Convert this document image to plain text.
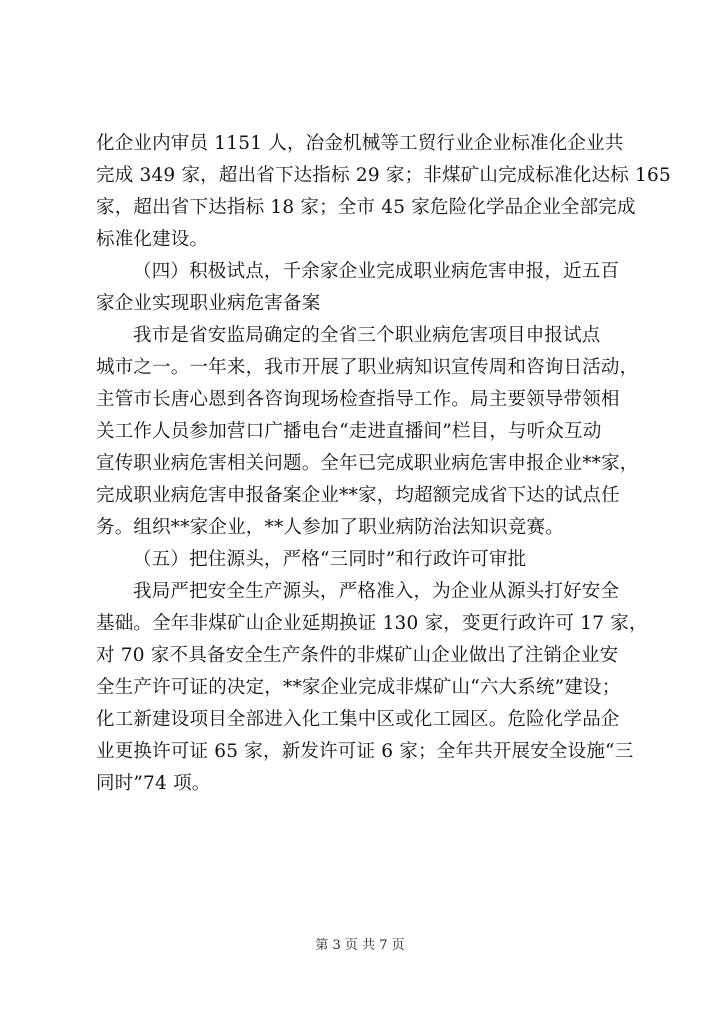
化企业内审员 1151 人，冶金机械等工贸行业企业标准化企业共
完成 349 家，超出省下达指标 29 家；非煤矿山完成标准化达标 165
家，超出省下达指标 18 家；全市 45 家危险化学品企业全部完成
标准化建设。
（四）积极试点，千余家企业完成职业病危害申报，近五百
家企业实现职业病危害备案
我市是省安监局确定的全省三个职业病危害项目申报试点
城市之一。一年来，我市开展了职业病知识宣传周和咨询日活动，
主管市长唐心恩到各咨询现场检查指导工作。局主要领导带领相
关工作人员参加营口广播电台“走进直播间”栏目，与听众互动
宣传职业病危害相关问题。全年已完成职业病危害申报企业**家，
完成职业病危害申报备案企业**家，均超额完成省下达的试点任
务。组织**家企业，**人参加了职业病防治法知识竞赛。
（五）把住源头，严格“三同时”和行政许可审批
我局严把安全生产源头，严格准入，为企业从源头打好安全
基础。全年非煤矿山企业延期换证 130 家，变更行政许可 17 家，
对 70 家不具备安全生产条件的非煤矿山企业做出了注销企业安
全生产许可证的决定，**家企业完成非煤矿山“六大系统”建设；
化工新建设项目全部进入化工集中区或化工园区。危险化学品企
业更换许可证 65 家，新发许可证 6 家；全年共开展安全设施“三
同时”74 项。
第 3 页 共 7 页
